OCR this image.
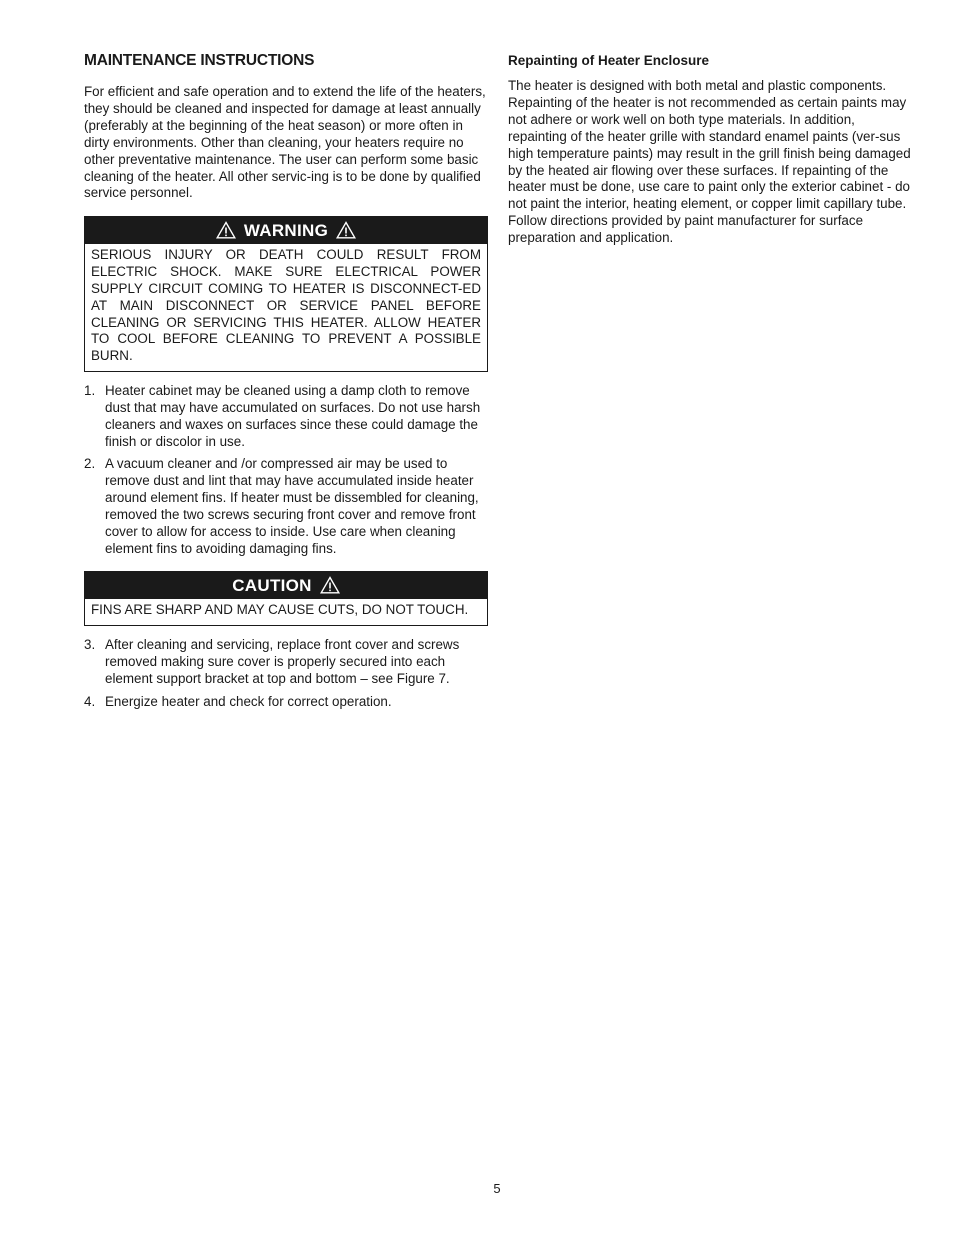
MAINTENANCE INSTRUCTIONS

For efficient and safe operation and to extend the life of the heaters, they should be cleaned and inspected for damage at least annually (preferably at the beginning of the heat season) or more often in dirty environments. Other than cleaning, your heaters require no other preventative maintenance. The user can perform some basic cleaning of the heater. All other servic-ing is to be done by qualified service personnel.

WARNING
SERIOUS INJURY OR DEATH COULD RESULT FROM ELECTRIC SHOCK. MAKE SURE ELECTRICAL POWER SUPPLY CIRCUIT COMING TO HEATER IS DISCONNECT-ED AT MAIN DISCONNECT OR SERVICE PANEL BEFORE CLEANING OR SERVICING THIS HEATER. ALLOW HEATER TO COOL BEFORE CLEANING TO PREVENT A POSSIBLE BURN.
1. Heater cabinet may be cleaned using a damp cloth to remove dust that may have accumulated on surfaces. Do not use harsh cleaners and waxes on surfaces since these could damage the finish or discolor in use.
2. A vacuum cleaner and /or compressed air may be used to remove dust and lint that may have accumulated inside heater around element fins. If heater must be dissembled for cleaning, removed the two screws securing front cover and remove front cover to allow for access to inside. Use care when cleaning element fins to avoiding damaging fins.
CAUTION
FINS ARE SHARP AND MAY CAUSE CUTS, DO NOT TOUCH.
3. After cleaning and servicing, replace front cover and screws removed making sure cover is properly secured into each element support bracket at top and bottom – see Figure 7.
4. Energize heater and check for correct operation.
Repainting of Heater Enclosure

The heater is designed with both metal and plastic components. Repainting of the heater is not recommended as certain paints may not adhere or work well on both type materials. In addition, repainting of the heater grille with standard enamel paints (ver-sus high temperature paints) may result in the grill finish being damaged by the heated air flowing over these surfaces. If repainting of the heater must be done, use care to paint only the exterior cabinet - do not paint the interior, heating element, or copper limit capillary tube. Follow directions provided by paint manufacturer for surface preparation and application.

5
